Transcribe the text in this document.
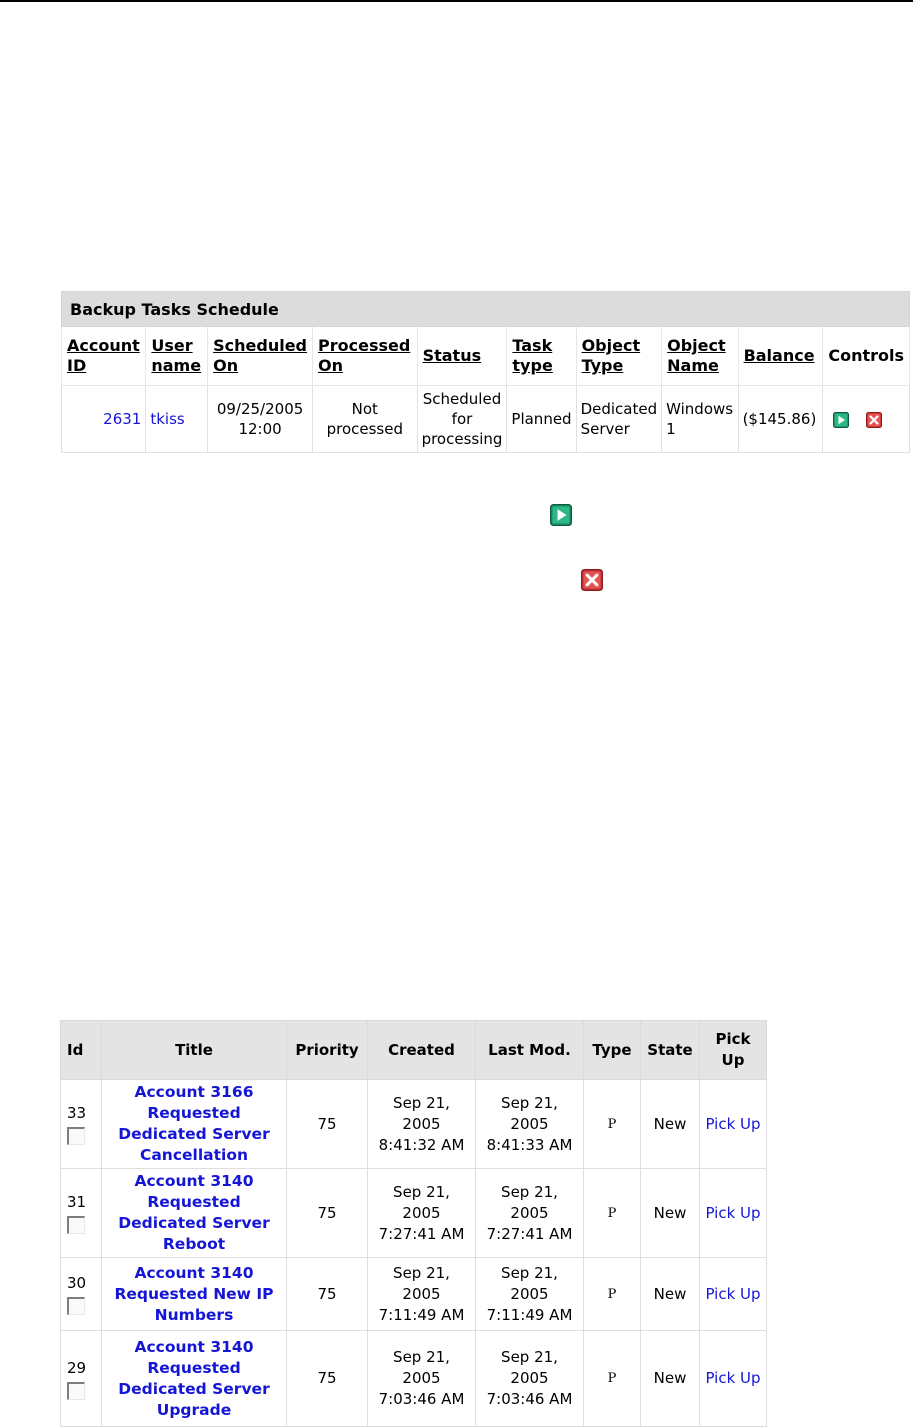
Backup Tasks Schedule									
Account ID	User name	Scheduled On	Processed On	Status	Task type	Object Type	Object Name	Balance	Controls
2631	tkiss	09/25/2005 12:00	Not processed	Scheduled for processing	Planned	Dedicated Server	Windows 1	($145.86)	
Id	Title	Priority	Created	Last Mod.	Type	State	Pick Up
33	Account 3166 Requested Dedicated Server Cancellation	75	Sep 21, 2005 8:41:32 AM	Sep 21, 2005 8:41:33 AM	P	New	Pick Up
31	Account 3140 Requested Dedicated Server Reboot	75	Sep 21, 2005 7:27:41 AM	Sep 21, 2005 7:27:41 AM	P	New	Pick Up
30	Account 3140 Requested New IP Numbers	75	Sep 21, 2005 7:11:49 AM	Sep 21, 2005 7:11:49 AM	P	New	Pick Up
29	Account 3140 Requested Dedicated Server Upgrade	75	Sep 21, 2005 7:03:46 AM	Sep 21, 2005 7:03:46 AM	P	New	Pick Up
